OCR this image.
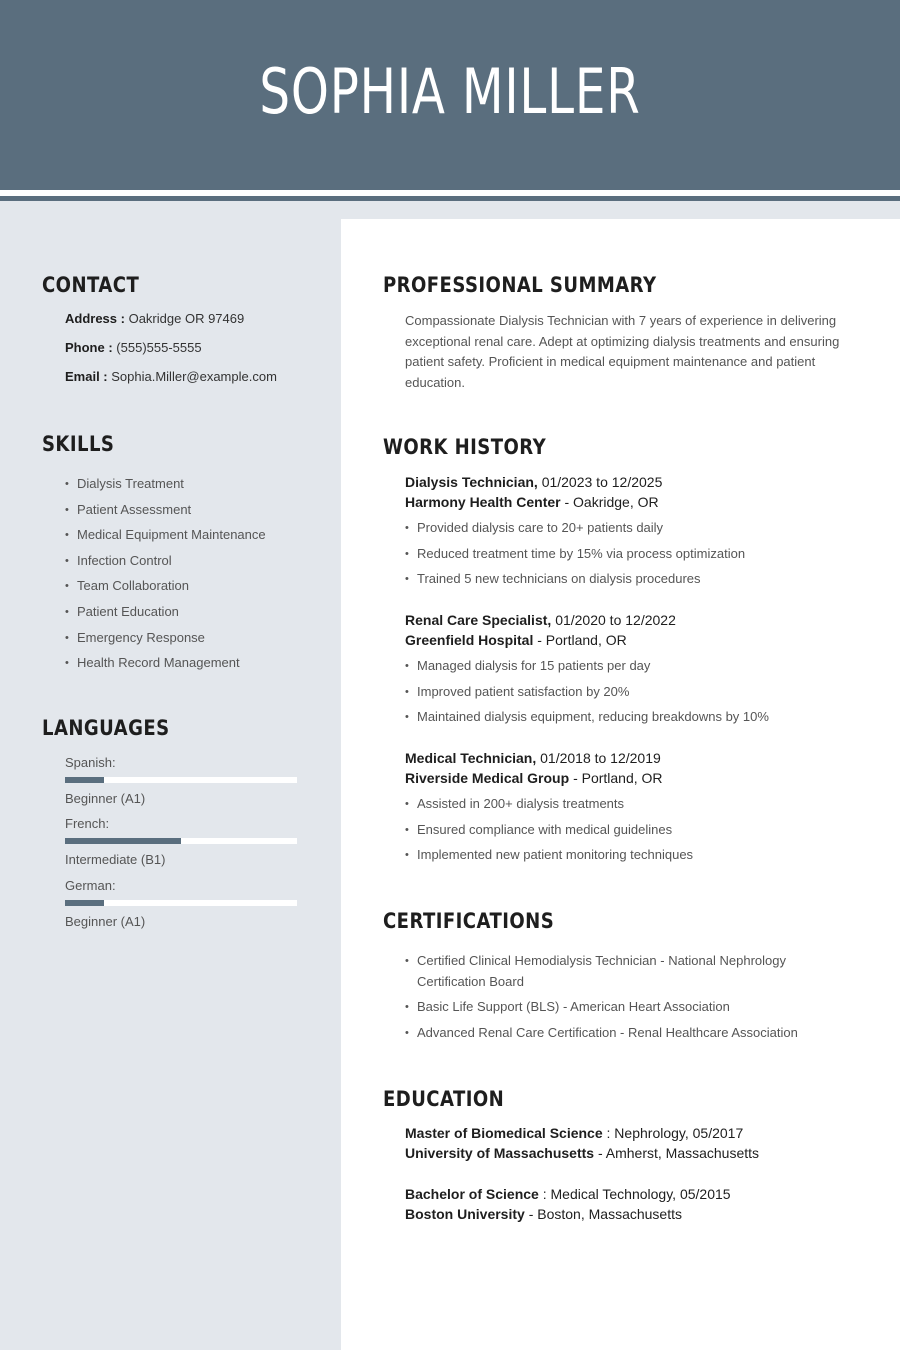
SOPHIA MILLER
CONTACT
Address : Oakridge OR 97469
Phone : (555)555-5555
Email : Sophia.Miller@example.com
SKILLS
• Dialysis Treatment
• Patient Assessment
• Medical Equipment Maintenance
• Infection Control
• Team Collaboration
• Patient Education
• Emergency Response
• Health Record Management
LANGUAGES
Spanish:
Beginner (A1)
French:
Intermediate (B1)
German:
Beginner (A1)
PROFESSIONAL SUMMARY

Compassionate Dialysis Technician with 7 years of experience in delivering exceptional renal care. Adept at optimizing dialysis treatments and ensuring patient safety. Proficient in medical equipment maintenance and patient education.

WORK HISTORY
Dialysis Technician, 01/2023 to 12/2025
Harmony Health Center - Oakridge, OR
• Provided dialysis care to 20+ patients daily
• Reduced treatment time by 15% via process optimization
• Trained 5 new technicians on dialysis procedures
Renal Care Specialist, 01/2020 to 12/2022
Greenfield Hospital - Portland, OR
• Managed dialysis for 15 patients per day
• Improved patient satisfaction by 20%
• Maintained dialysis equipment, reducing breakdowns by 10%
Medical Technician, 01/2018 to 12/2019
Riverside Medical Group - Portland, OR
• Assisted in 200+ dialysis treatments
• Ensured compliance with medical guidelines
• Implemented new patient monitoring techniques
CERTIFICATIONS
• Certified Clinical Hemodialysis Technician - National Nephrology Certification Board
• Basic Life Support (BLS) - American Heart Association
• Advanced Renal Care Certification - Renal Healthcare Association
EDUCATION
Master of Biomedical Science : Nephrology, 05/2017
University of Massachusetts - Amherst, Massachusetts
Bachelor of Science : Medical Technology, 05/2015
Boston University - Boston, Massachusetts
